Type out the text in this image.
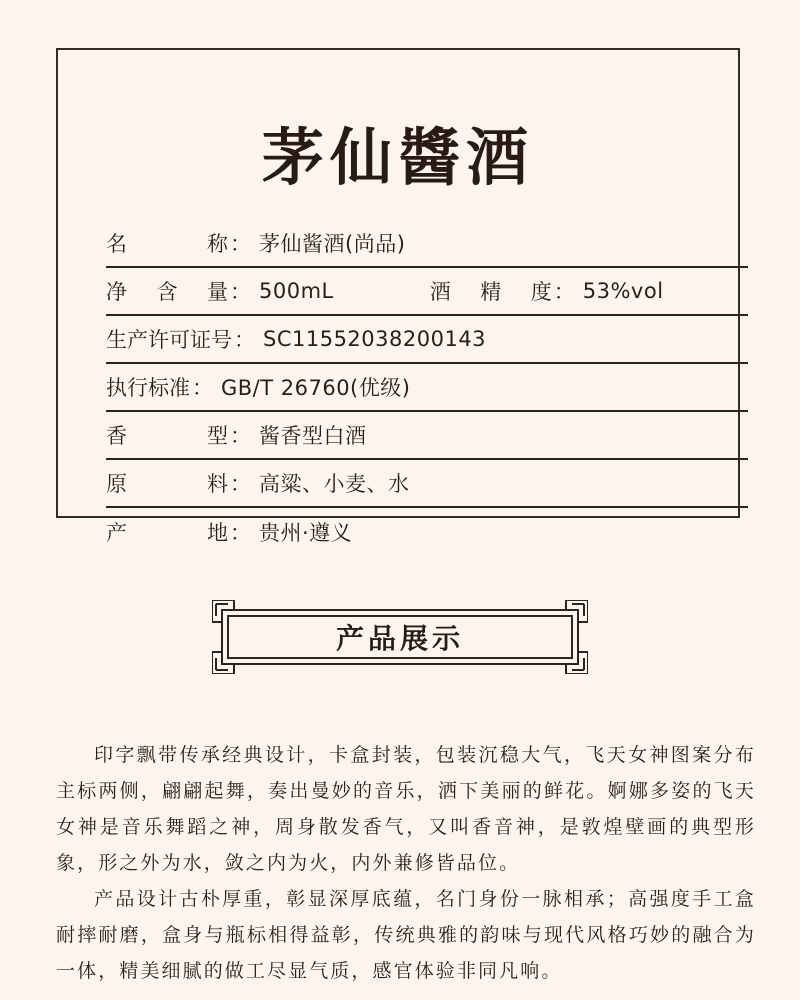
茅仙醬酒
名	称 ： 茅仙酱酒(尚品)
净 含 量 ： 500mL	酒 精 度 ： 53%vol
生产许可证号 ： SC11552038200143
执行标准 ： GB/T 26760(优级)
香	型 ： 酱香型白酒
原	料 ： 高粱、小麦、水
产	地 ： 贵州·遵义
产品展示

印字飘带传承经典设计，卡盒封装，包装沉稳大气，飞天女神图案分布主标两侧，翩翩起舞，奏出曼妙的音乐，洒下美丽的鲜花。婀娜多姿的飞天女神是音乐舞蹈之神，周身散发香气，又叫香音神，是敦煌壁画的典型形象，形之外为水，敛之内为火，内外兼修皆品位。

产品设计古朴厚重，彰显深厚底蕴，名门身份一脉相承；高强度手工盒耐摔耐磨，盒身与瓶标相得益彰，传统典雅的韵味与现代风格巧妙的融合为一体，精美细腻的做工尽显气质，感官体验非同凡响。
